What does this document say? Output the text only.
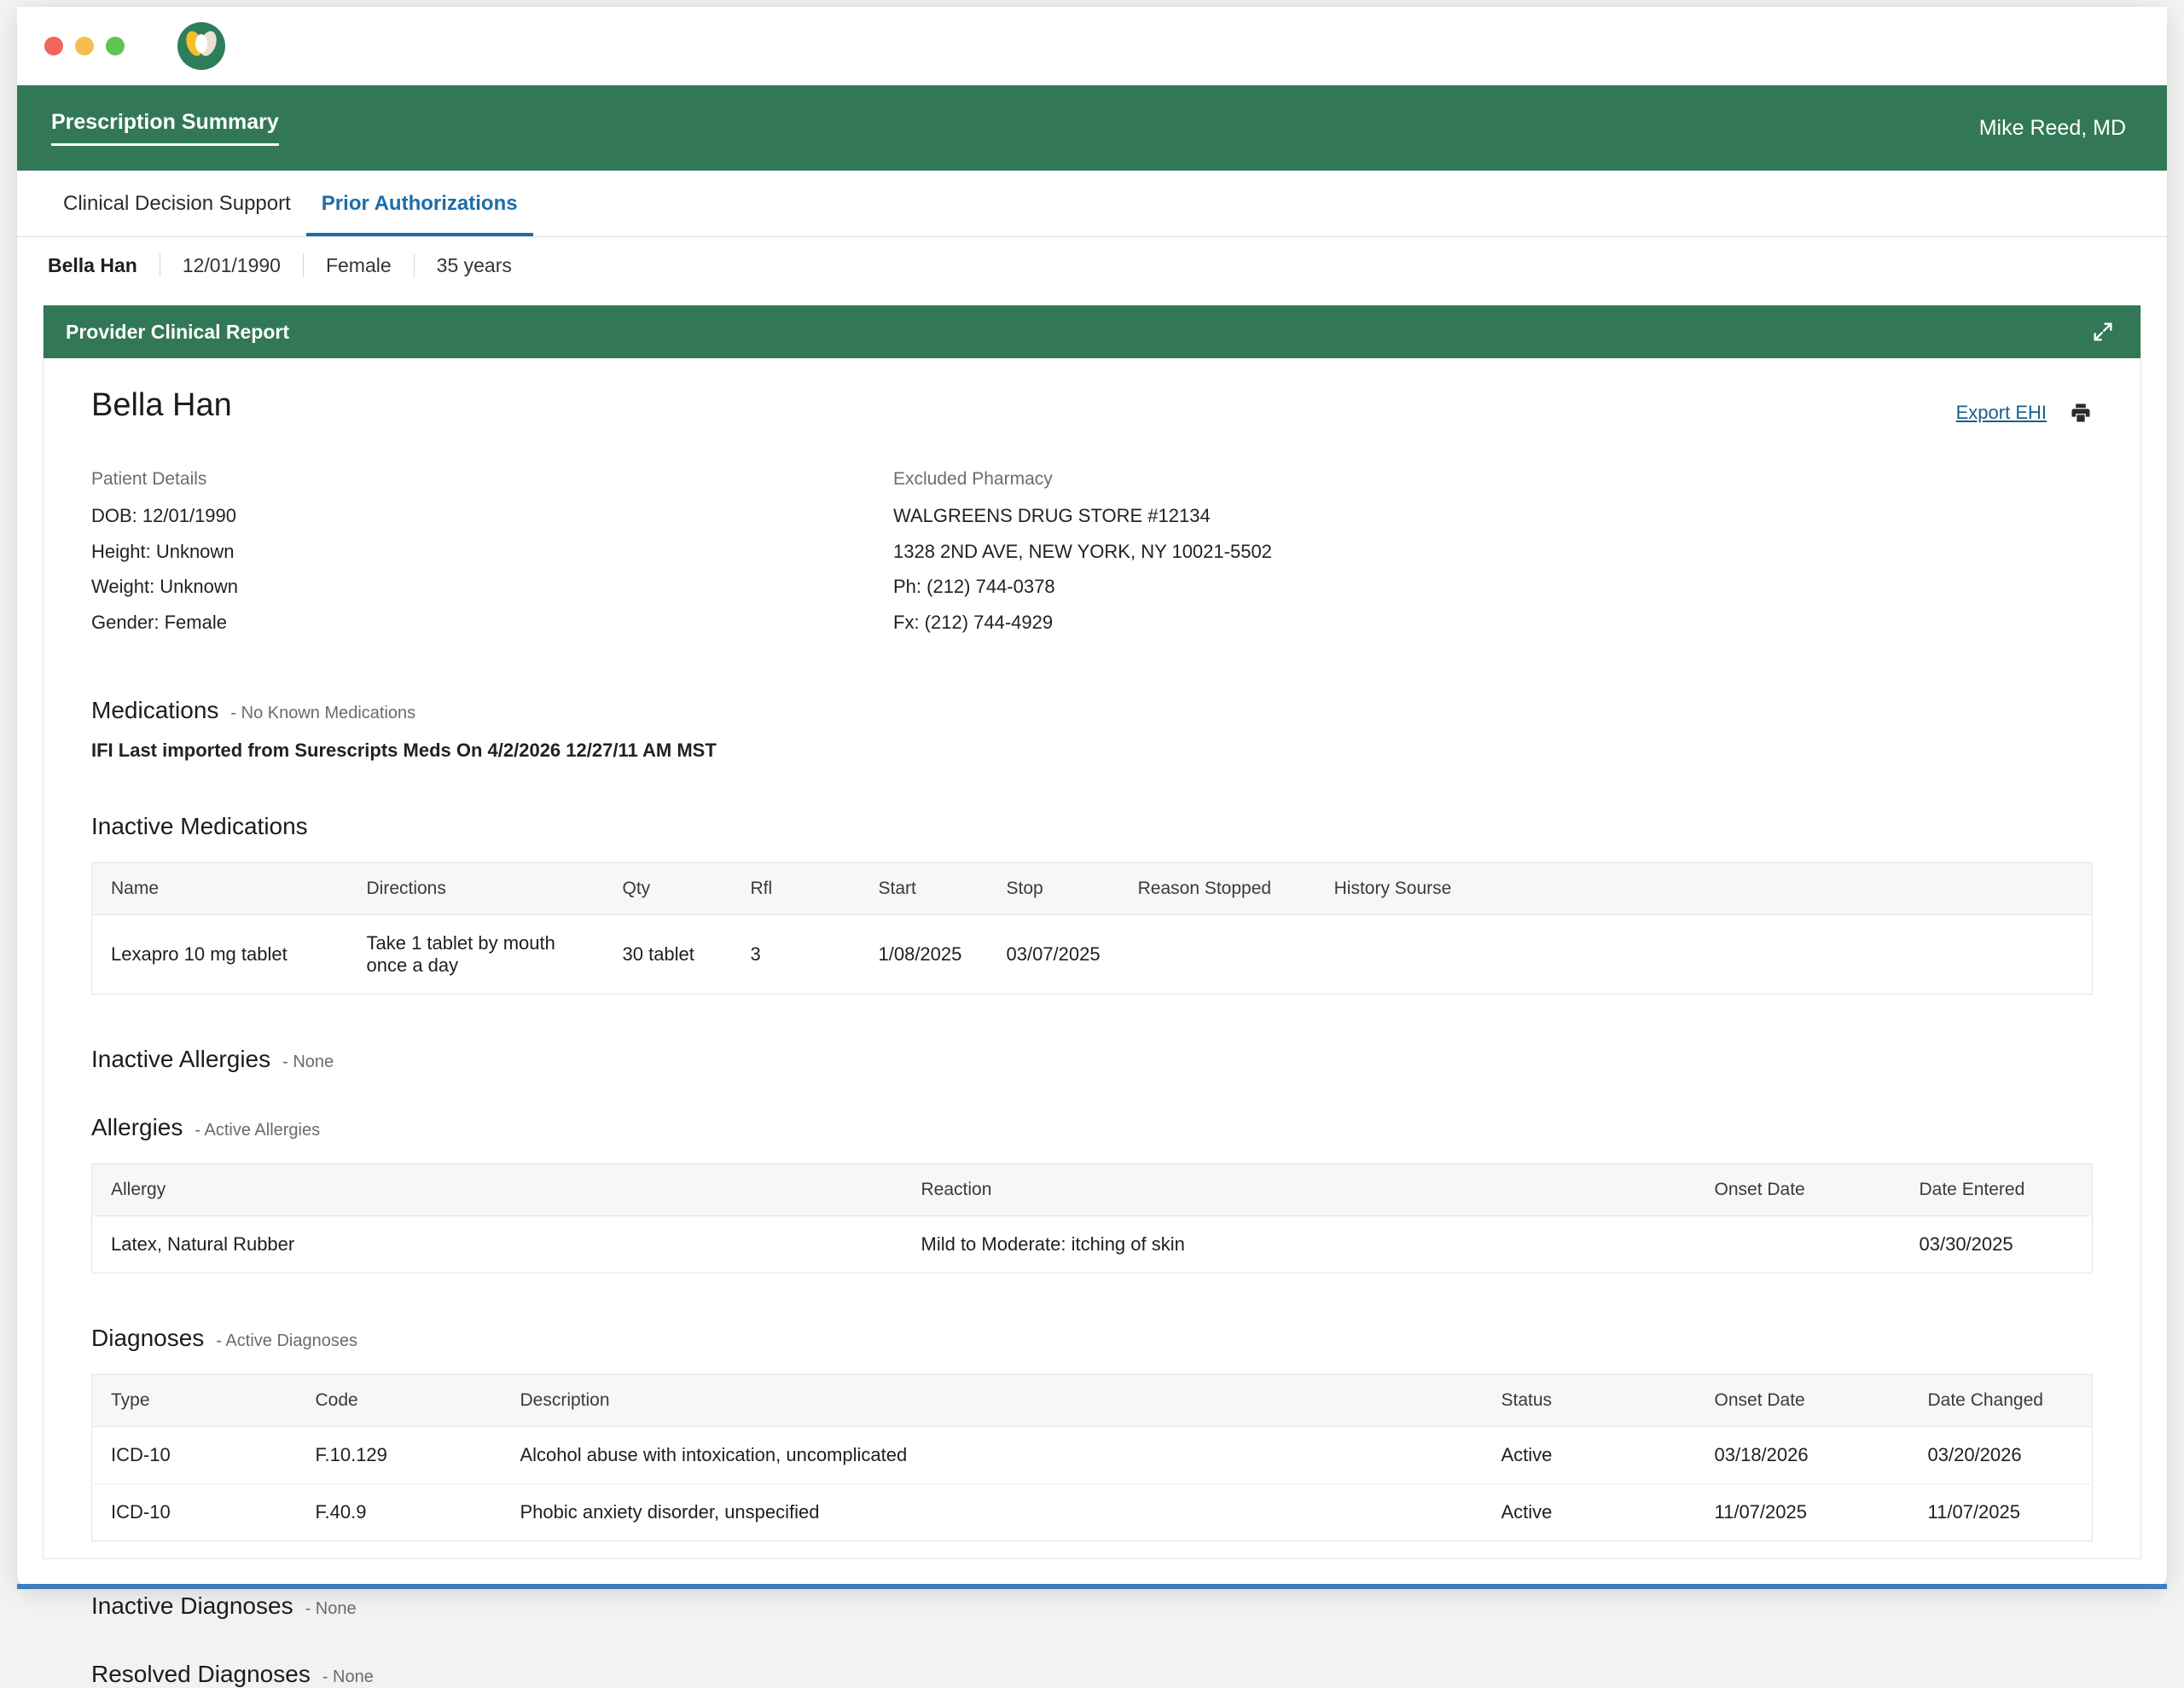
Prescription Summary	Mike Reed, MD
Clinical Decision Support	Prior Authorizations
Bella Han 12/01/1990 Female 35 years
Provider Clinical Report
Bella Han	Export EHI
Patient Details
DOB: 12/01/1990
Height: Unknown
Weight: Unknown
Gender: Female
Excluded Pharmacy
WALGREENS DRUG STORE #12134
1328 2ND AVE, NEW YORK, NY 10021-5502
Ph: (212) 744-0378
Fx: (212) 744-4929
Medications - No Known Medications
IFI Last imported from Surescripts Meds On 4/2/2026 12/27/11 AM MST
Inactive Medications
Name	Directions	Qty	Rfl	Start	Stop	Reason Stopped	History Sourse
Lexapro 10 mg tablet	Take 1 tablet by mouth once a day	30 tablet	3	1/08/2025	03/07/2025		
Inactive Allergies - None
Allergies - Active Allergies
Allergy	Reaction	Onset Date	Date Entered
Latex, Natural Rubber	Mild to Moderate: itching of skin		03/30/2025
Diagnoses - Active Diagnoses
Type	Code	Description	Status	Onset Date	Date Changed
ICD-10	F.10.129	Alcohol abuse with intoxication, uncomplicated	Active	03/18/2026	03/20/2026
ICD-10	F.40.9	Phobic anxiety disorder, unspecified	Active	11/07/2025	11/07/2025
Inactive Diagnoses - None
Resolved Diagnoses - None
